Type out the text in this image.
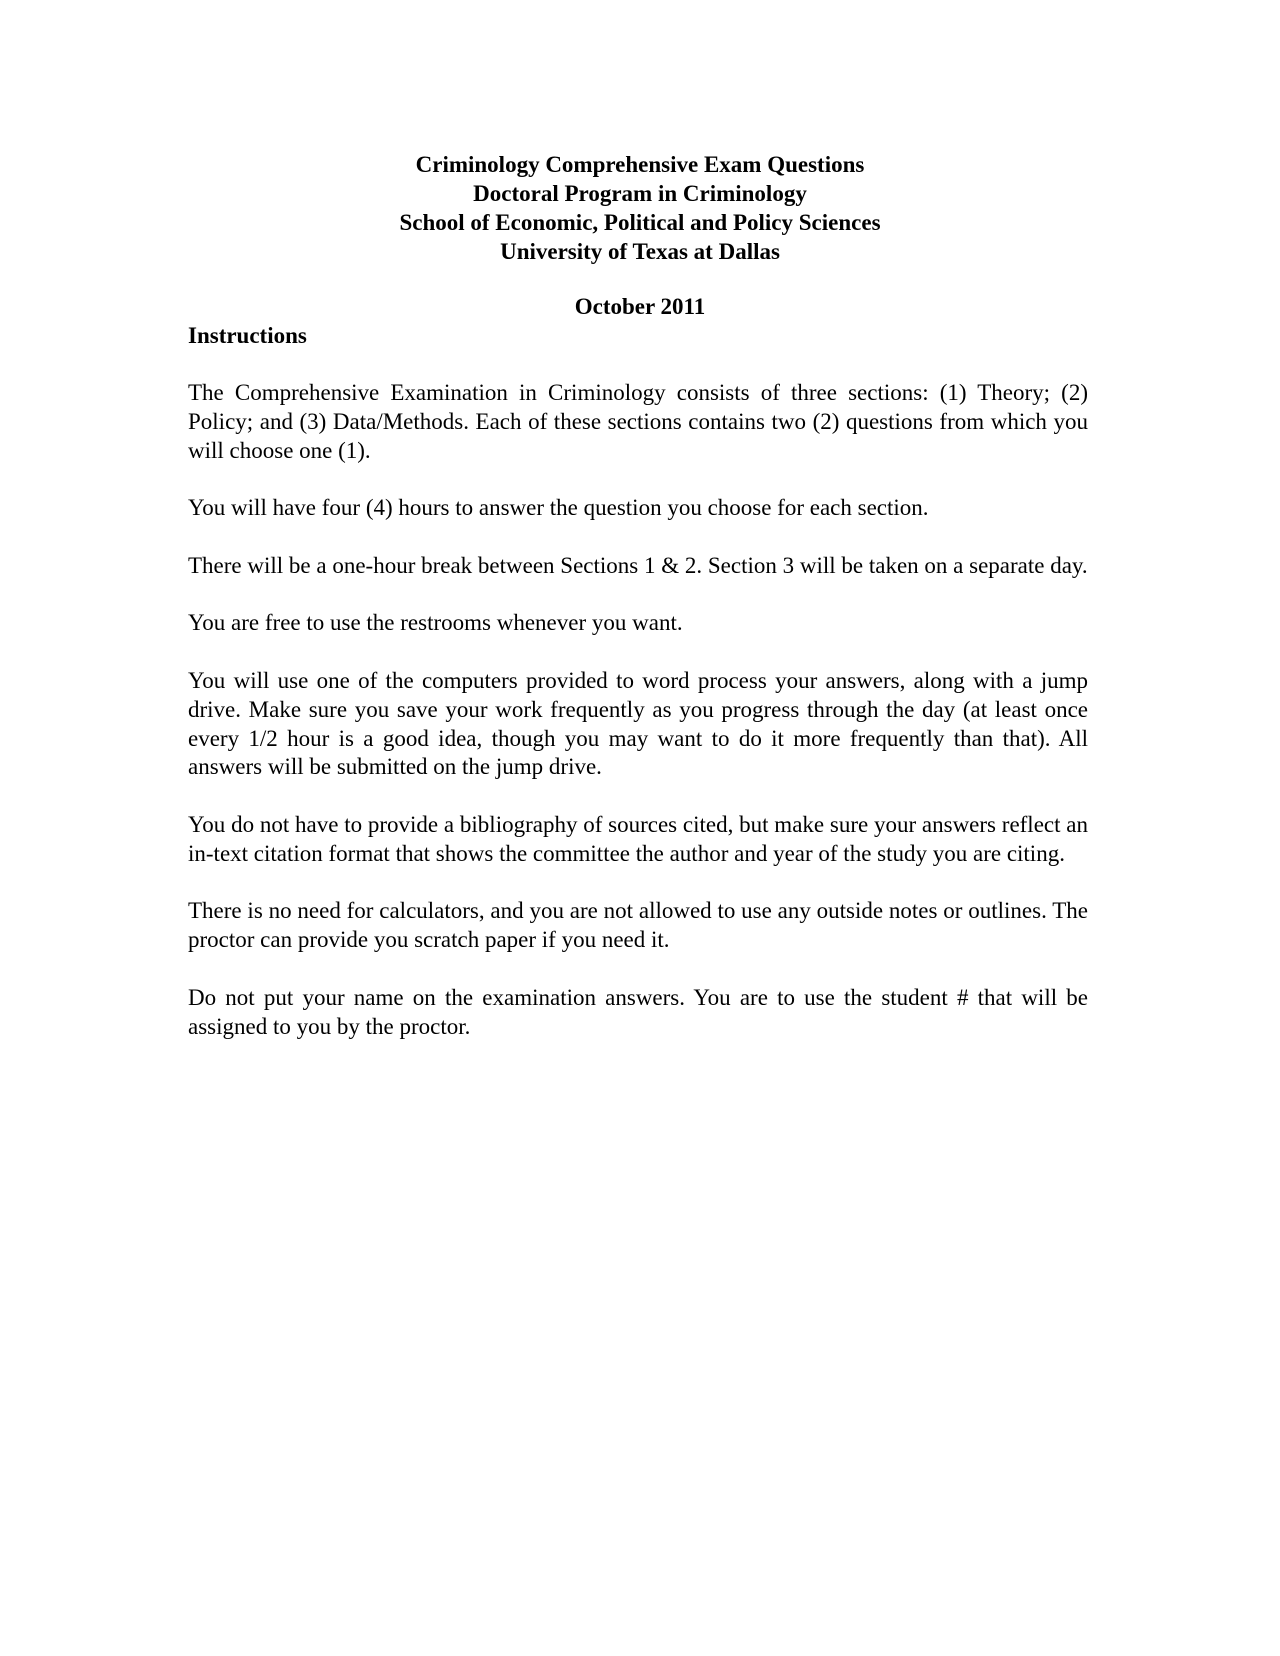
Criminology Comprehensive Exam Questions
Doctoral Program in Criminology
School of Economic, Political and Policy Sciences
University of Texas at Dallas
October 2011
Instructions

The Comprehensive Examination in Criminology consists of three sections: (1) Theory; (2) Policy; and (3) Data/Methods. Each of these sections contains two (2) questions from which you will choose one (1).

You will have four (4) hours to answer the question you choose for each section.

There will be a one-hour break between Sections 1 & 2. Section 3 will be taken on a separate day.

You are free to use the restrooms whenever you want.

You will use one of the computers provided to word process your answers, along with a jump drive. Make sure you save your work frequently as you progress through the day (at least once every 1/2 hour is a good idea, though you may want to do it more frequently than that). All answers will be submitted on the jump drive.

You do not have to provide a bibliography of sources cited, but make sure your answers reflect an in-text citation format that shows the committee the author and year of the study you are citing.

There is no need for calculators, and you are not allowed to use any outside notes or outlines. The proctor can provide you scratch paper if you need it.

Do not put your name on the examination answers. You are to use the student # that will be assigned to you by the proctor.
